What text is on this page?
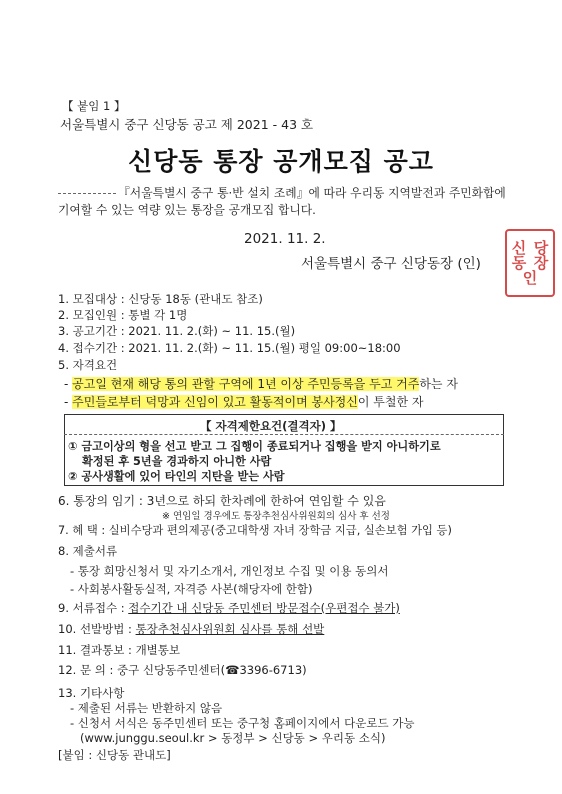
【 붙임 1 】
서울특별시 중구 신당동 공고 제 2021 - 43 호
신당동 통장 공개모집 공고
『서울특별시 중구 통·반 설치 조례』에 따라 우리동 지역발전과 주민화합에
기여할 수 있는 역량 있는 통장을 공개모집 합니다.
2021. 11. 2.
서울특별시 중구 신당동장 (인)
신 당
동 장
인
1. 모집대상 : 신당동 18동 (관내도 참조)
2. 모집인원 : 통별 각 1명
3. 공고기간 : 2021. 11. 2.(화) ~ 11. 15.(월)
4. 접수기간 : 2021. 11. 2.(화) ~ 11. 15.(월) 평일 09:00~18:00
5. 자격요건
- 공고일 현재 해당 통의 관할 구역에 1년 이상 주민등록을 두고 거주하는 자
- 주민들로부터 덕망과 신임이 있고 활동적이며 봉사정신이 투철한 자
【 자격제한요건(결격자) 】
① 금고이상의 형을 선고 받고 그 집행이 종료되거나 집행을 받지 아니하기로
확정된 후 5년을 경과하지 아니한 사람
② 공사생활에 있어 타인의 지탄을 받는 사람
6. 통장의 임기 : 3년으로 하되 한차례에 한하여 연임할 수 있음
※ 연임일 경우에도 통장추천심사위원회의 심사 후 선정
7. 혜 택 : 실비수당과 편의제공(중고대학생 자녀 장학금 지급, 실손보험 가입 등)
8. 제출서류
- 통장 희망신청서 및 자기소개서, 개인정보 수집 및 이용 동의서
- 사회봉사활동실적, 자격증 사본(해당자에 한함)
9. 서류접수 : 접수기간 내 신당동 주민센터 방문접수(우편접수 불가)
10. 선발방법 : 통장추천심사위원회 심사를 통해 선발
11. 결과통보 : 개별통보
12. 문 의 : 중구 신당동주민센터(☎3396-6713)
13. 기타사항
- 제출된 서류는 반환하지 않음
- 신청서 서식은 동주민센터 또는 중구청 홈페이지에서 다운로드 가능
(www.junggu.seoul.kr > 동정부 > 신당동 > 우리동 소식)
[붙임 : 신당동 관내도]
